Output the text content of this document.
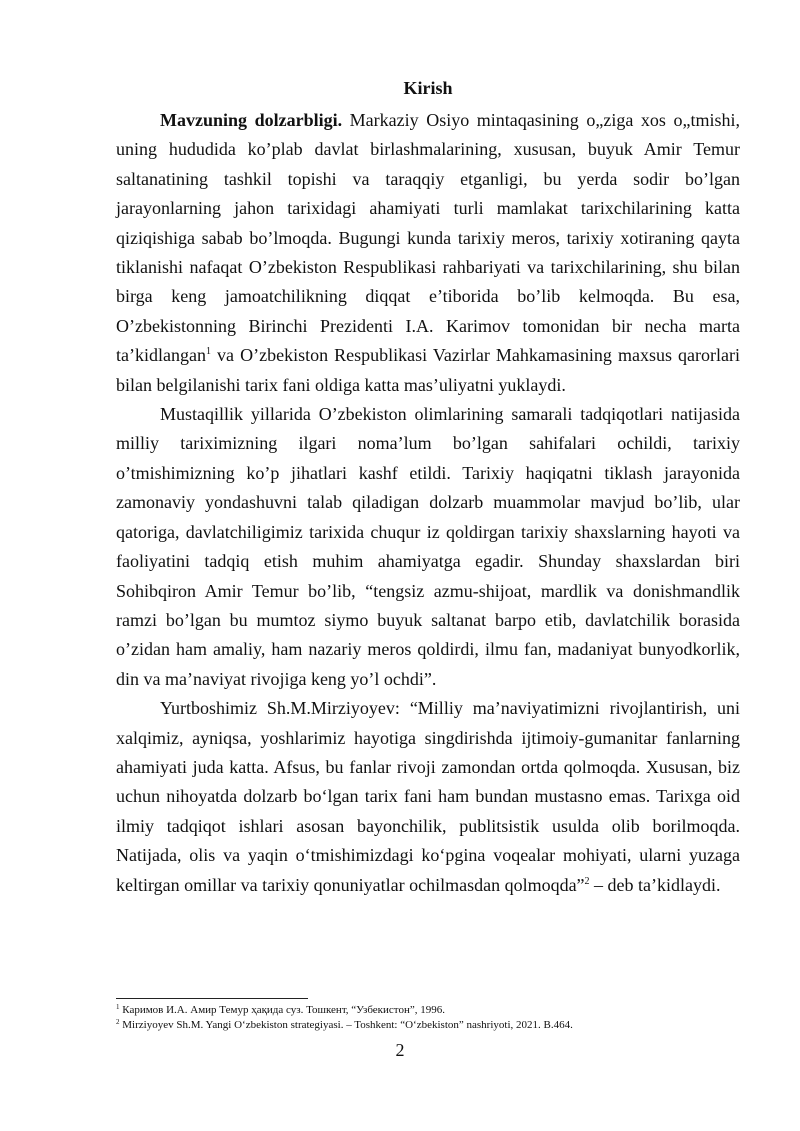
Kirish

Mavzuning dolzarbligi. Markaziy Osiyo mintaqasining o„ziga xos o„tmishi, uning hududida ko’plab davlat birlashmalarining, xususan, buyuk Amir Temur saltanatining tashkil topishi va taraqqiy etganligi, bu yerda sodir bo’lgan jarayonlarning jahon tarixidagi ahamiyati turli mamlakat tarixchilarining katta qiziqishiga sabab bo’lmoqda. Bugungi kunda tarixiy meros, tarixiy xotiraning qayta tiklanishi nafaqat O’zbekiston Respublikasi rahbariyati va tarixchilarining, shu bilan birga keng jamoatchilikning diqqat e’tiborida bo’lib kelmoqda. Bu esa, O’zbekistonning Birinchi Prezidenti I.A. Karimov tomonidan bir necha marta ta’kidlangan$^1$ va O’zbekiston Respublikasi Vazirlar Mahkamasining maxsus qarorlari bilan belgilanishi tarix fani oldiga katta mas’uliyatni yuklaydi.

Mustaqillik yillarida O’zbekiston olimlarining samarali tadqiqotlari natijasida milliy tariximizning ilgari noma’lum bo’lgan sahifalari ochildi, tarixiy o’tmishimizning ko’p jihatlari kashf etildi. Tarixiy haqiqatni tiklash jarayonida zamonaviy yondashuvni talab qiladigan dolzarb muammolar mavjud bo’lib, ular qatoriga, davlatchiligimiz tarixida chuqur iz qoldirgan tarixiy shaxslarning hayoti va faoliyatini tadqiq etish muhim ahamiyatga egadir. Shunday shaxslardan biri Sohibqiron Amir Temur bo’lib, “tengsiz azmu-shijoat, mardlik va donishmandlik ramzi bo’lgan bu mumtoz siymo buyuk saltanat barpo etib, davlatchilik borasida o’zidan ham amaliy, ham nazariy meros qoldirdi, ilmu fan, madaniyat bunyodkorlik, din va ma’naviyat rivojiga keng yo’l ochdi”.

Yurtboshimiz Sh.M.Mirziyoyev: “Milliy ma’naviyatimizni rivojlantirish, uni xalqimiz, ayniqsa, yoshlarimiz hayotiga singdirishda ijtimoiy-gumanitar fanlarning ahamiyati juda katta. Afsus, bu fanlar rivoji zamondan ortda qolmoqda. Xususan, biz uchun nihoyatda dolzarb bo‘lgan tarix fani ham bundan mustasno emas. Tarixga oid ilmiy tadqiqot ishlari asosan bayonchilik, publitsistik usulda olib borilmoqda. Natijada, olis va yaqin o‘tmishimizdagi ko‘pgina voqealar mohiyati, ularni yuzaga keltirgan omillar va tarixiy qonuniyatlar ochilmasdan qolmoqda”$^2$ – deb ta’kidlaydi.

$^1$ Каримов И.А. Амир Темур ҳақида суз. Тошкент, “Узбекистон”, 1996.

$^2$ Mirziyoyev Sh.M. Yangi O‘zbekiston strategiyasi. – Toshkent: “O‘zbekiston” nashriyoti, 2021. B.464.

2
